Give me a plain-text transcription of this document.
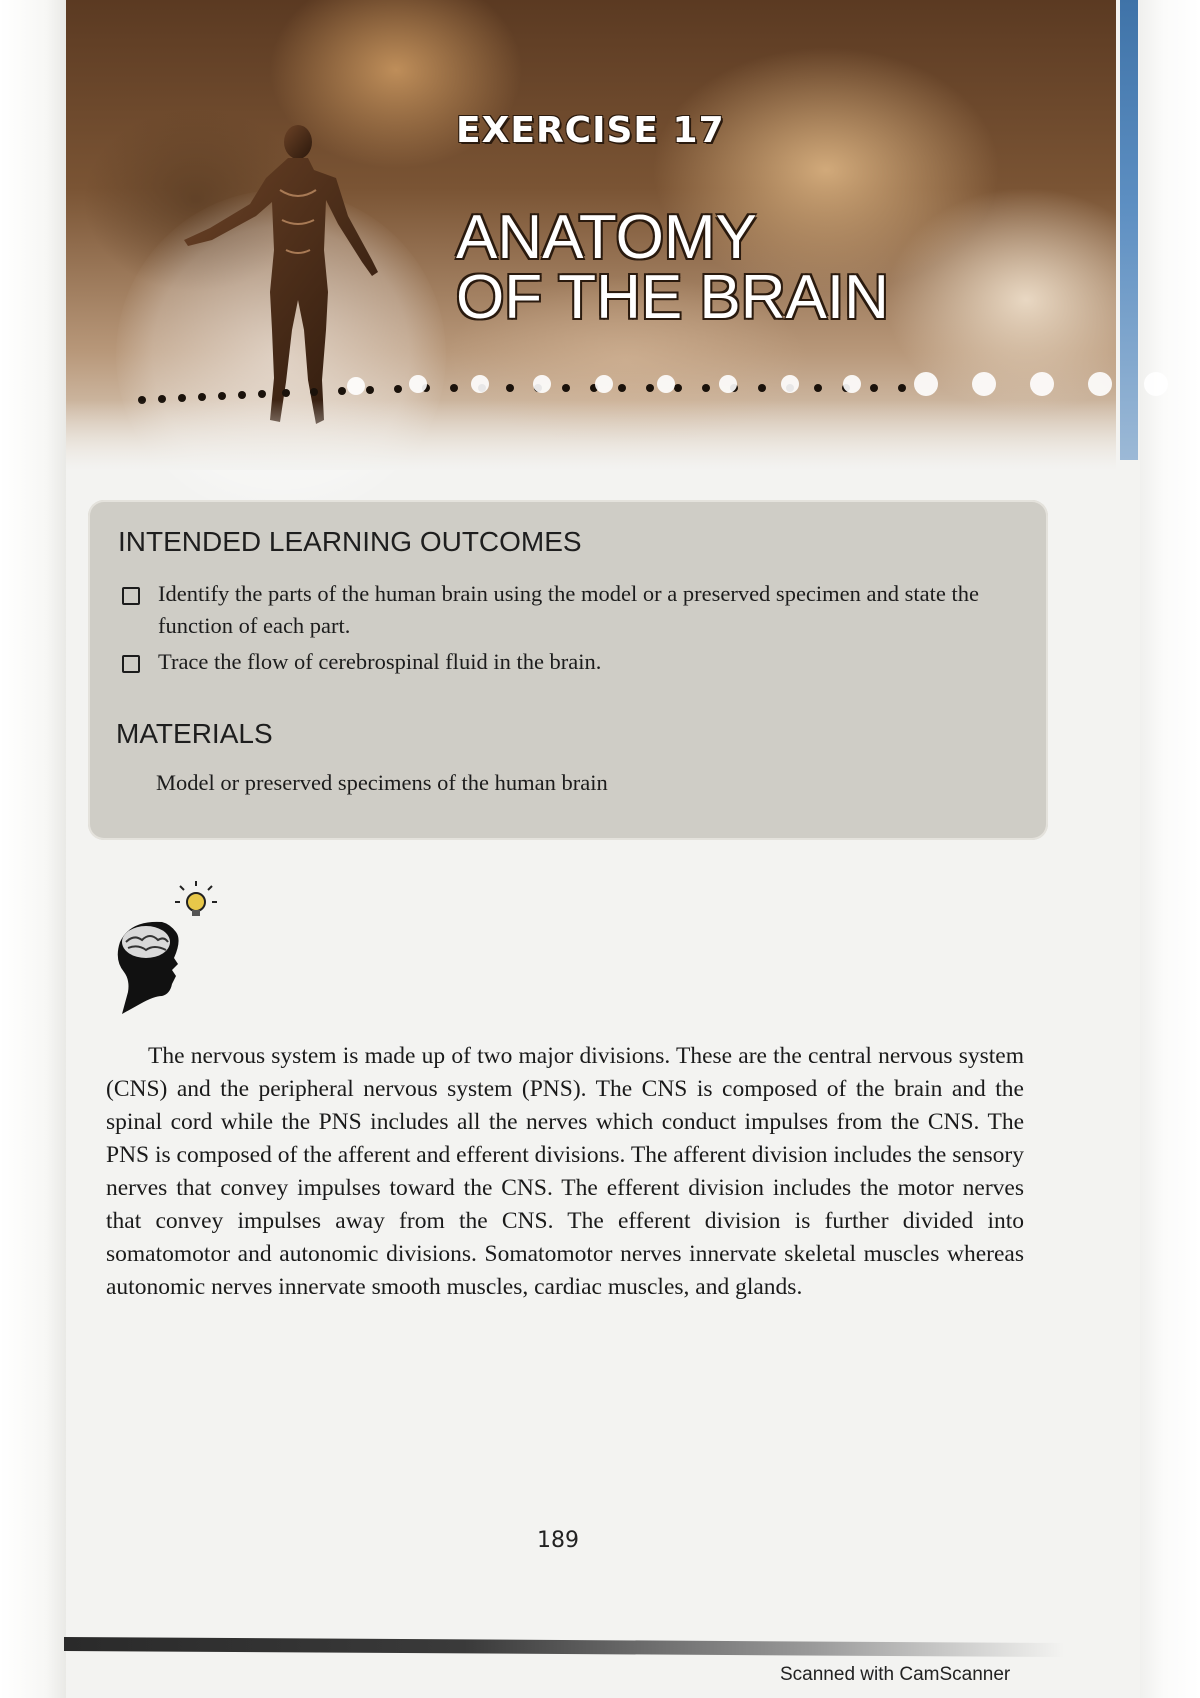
EXERCISE 17
ANATOMY
OF THE BRAIN
INTENDED LEARNING OUTCOMES
Identify the parts of the human brain using the model or a preserved specimen and state the function of each part.
Trace the flow of cerebrospinal fluid in the brain.
MATERIALS
Model or preserved specimens of the human brain
The nervous system is made up of two major divisions. These are the central nervous system (CNS) and the peripheral nervous system (PNS). The CNS is composed of the brain and the spinal cord while the PNS includes all the nerves which conduct impulses from the CNS. The PNS is composed of the afferent and efferent divisions. The afferent division includes the sensory nerves that convey impulses toward the CNS. The efferent division includes the motor nerves that convey impulses away from the CNS. The efferent division is further divided into somatomotor and autonomic divisions. Somatomotor nerves innervate skeletal muscles whereas autonomic nerves innervate smooth muscles, cardiac muscles, and glands.
189
Scanned with CamScanner
